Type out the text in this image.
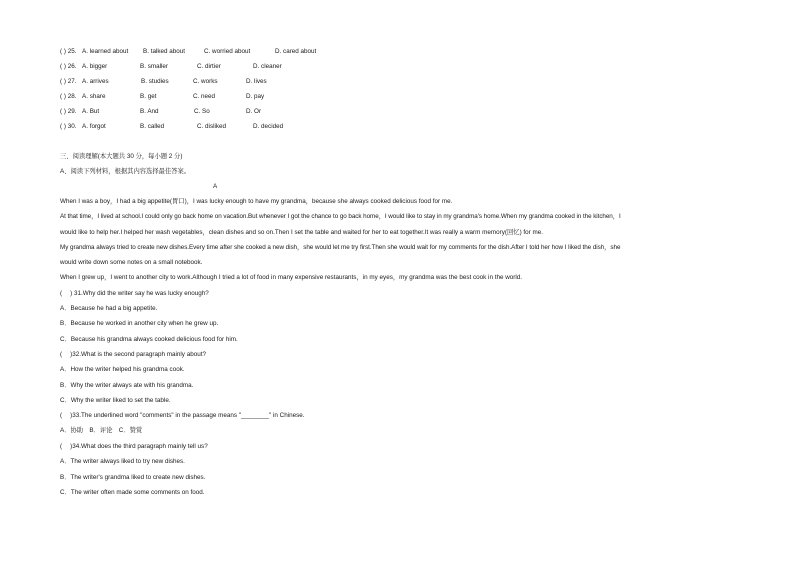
( ) 25. A. learned about B. talked about	C. worried about	D. cared about
( ) 26. A. bigger	B. smaller	C. dirtier	D. cleaner
( ) 27. A. arrives	B. studies	C. works	D. lives
( ) 28. A. share	B. get	C. need	D. pay
( ) 29. A. But	B. And	C. So	D. Or
( ) 30. A. forgot	B. called	C. disliked	D. decided
三、阅读理解(本大题共 30 分，每小题 2 分)
A、阅读下列材料，根据其内容选择最佳答案。
A
When I was a boy，I had a big appetite(胃口)，I was lucky enough to have my grandma，because she always cooked delicious food for me.
At that time，I lived at school.I could only go back home on vacation.But whenever I got the chance to go back home，I would like to stay in my grandma's home.When my grandma cooked in the kitchen，I
would like to help her.I helped her wash vegetables，clean dishes and so on.Then I set the table and waited for her to eat together.It was really a warm memory(回忆) for me.
My grandma always tried to create new dishes.Every time after she cooked a new dish，she would let me try first.Then she would wait for my comments for the dish.After I told her how I liked the dish，she
would write down some notes on a small notebook.
When I grew up，I went to another city to work.Although I tried a lot of food in many expensive restaurants，in my eyes，my grandma was the best cook in the world.
(　 ) 31.Why did the writer say he was lucky enough?
A．Because he had a big appetite.
B．Because he worked in another city when he grew up.
C．Because his grandma always cooked delicious food for him.
(　 )32.What is the second paragraph mainly about?
A．How the writer helped his grandma cook.
B．Why the writer always ate with his grandma.
C．Why the writer liked to set the table.
(　 )33.The underlined word "comments" in the passage means "________" in Chinese.
A．协助　B．评论　C．赞赏
(　 )34.What does the third paragraph mainly tell us?
A．The writer always liked to try new dishes.
B．The writer's grandma liked to create new dishes.
C．The writer often made some comments on food.
